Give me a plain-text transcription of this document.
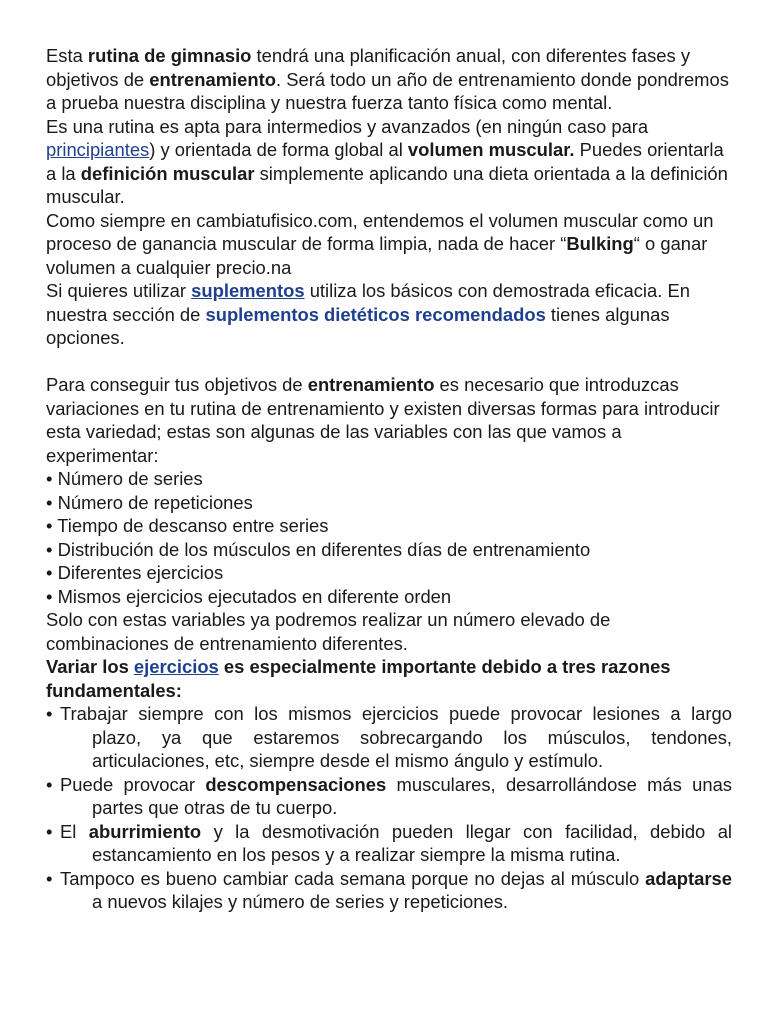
Esta rutina de gimnasio tendrá una planificación anual, con diferentes fases y objetivos de entrenamiento. Será todo un año de entrenamiento donde pondremos a prueba nuestra disciplina y nuestra fuerza tanto física como mental.

Es una rutina es apta para intermedios y avanzados (en ningún caso para principiantes) y orientada de forma global al volumen muscular. Puedes orientarla a la definición muscular simplemente aplicando una dieta orientada a la definición muscular.

Como siempre en cambiatufisico.com, entendemos el volumen muscular como un proceso de ganancia muscular de forma limpia, nada de hacer “Bulking“ o ganar volumen a cualquier precio.na

Si quieres utilizar suplementos utiliza los básicos con demostrada eficacia. En nuestra sección de suplementos dietéticos recomendados tienes algunas opciones.

Para conseguir tus objetivos de entrenamiento es necesario que introduzcas variaciones en tu rutina de entrenamiento y existen diversas formas para introducir esta variedad; estas son algunas de las variables con las que vamos a experimentar:

• Número de series
• Número de repeticiones
• Tiempo de descanso entre series
• Distribución de los músculos en diferentes días de entrenamiento
• Diferentes ejercicios
• Mismos ejercicios ejecutados en diferente orden

Solo con estas variables ya podremos realizar un número elevado de combinaciones de entrenamiento diferentes.

Variar los ejercicios es especialmente importante debido a tres razones fundamentales:

• Trabajar siempre con los mismos ejercicios puede provocar lesiones a largo plazo, ya que estaremos sobrecargando los músculos, tendones, articulaciones, etc, siempre desde el mismo ángulo y estímulo.
• Puede provocar descompensaciones musculares, desarrollándose más unas partes que otras de tu cuerpo.
• El aburrimiento y la desmotivación pueden llegar con facilidad, debido al estancamiento en los pesos y a realizar siempre la misma rutina.
• Tampoco es bueno cambiar cada semana porque no dejas al músculo adaptarse a nuevos kilajes y número de series y repeticiones.
